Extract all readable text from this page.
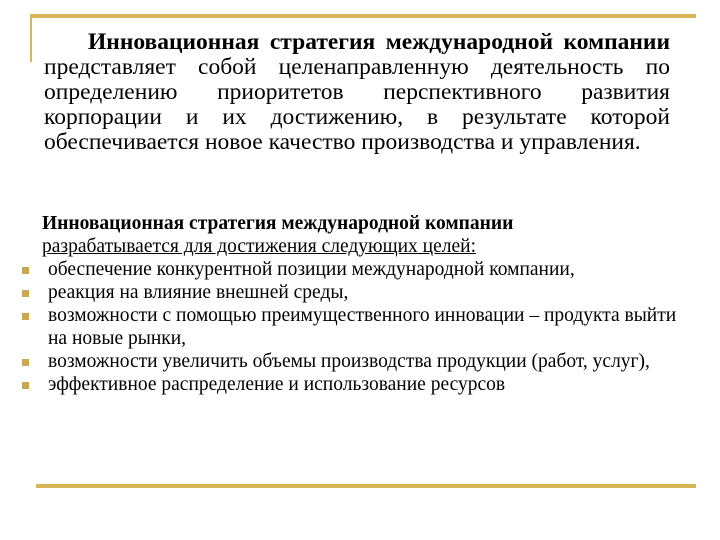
Инновационная стратегия международной компании представляет собой целенаправленную деятельность по определению приоритетов перспективного развития корпорации и их достижению, в результате которой обеспечивается новое качество производства и управления.

Инновационная стратегия международной компании
разрабатывается для достижения следующих целей:

обеспечение конкурентной позиции международной компании,
реакция на влияние внешней среды,
возможности с помощью преимущественного инновации – продукта выйти на новые рынки,
возможности увеличить объемы производства продукции (работ, услуг),
эффективное распределение и использование ресурсов
